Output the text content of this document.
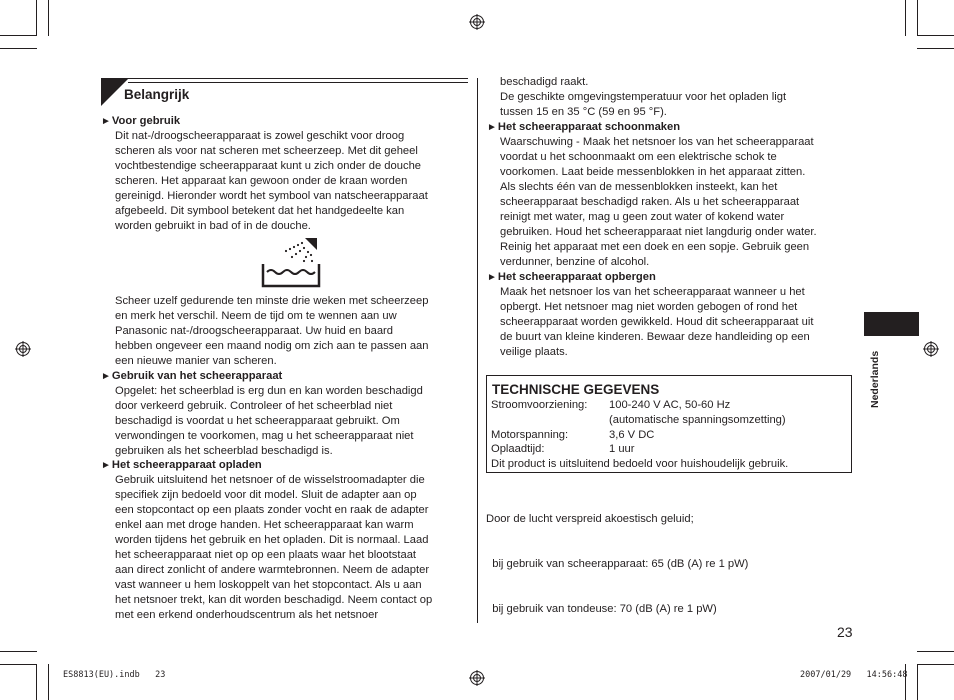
Belangrijk
►Voor gebruik
Dit nat-/droogscheerapparaat is zowel geschikt voor droog
scheren als voor nat scheren met scheerzeep. Met dit geheel
vochtbestendige scheerapparaat kunt u zich onder de douche
scheren. Het apparaat kan gewoon onder de kraan worden
gereinigd. Hieronder wordt het symbool van natscheerapparaat
afgebeeld. Dit symbool betekent dat het handgedeelte kan
worden gebruikt in bad of in de douche.
Scheer uzelf gedurende ten minste drie weken met scheerzeep
en merk het verschil. Neem de tijd om te wennen aan uw
Panasonic nat-/droogscheerapparaat. Uw huid en baard
hebben ongeveer een maand nodig om zich aan te passen aan
een nieuwe manier van scheren.
►Gebruik van het scheerapparaat
Opgelet: het scheerblad is erg dun en kan worden beschadigd
door verkeerd gebruik. Controleer of het scheerblad niet
beschadigd is voordat u het scheerapparaat gebruikt. Om
verwondingen te voorkomen, mag u het scheerapparaat niet
gebruiken als het scheerblad beschadigd is.
►Het scheerapparaat opladen
Gebruik uitsluitend het netsnoer of de wisselstroomadapter die
specifiek zijn bedoeld voor dit model. Sluit de adapter aan op
een stopcontact op een plaats zonder vocht en raak de adapter
enkel aan met droge handen. Het scheerapparaat kan warm
worden tijdens het gebruik en het opladen. Dit is normaal. Laad
het scheerapparaat niet op op een plaats waar het blootstaat
aan direct zonlicht of andere warmtebronnen. Neem de adapter
vast wanneer u hem loskoppelt van het stopcontact. Als u aan
het netsnoer trekt, kan dit worden beschadigd. Neem contact op
met een erkend onderhoudscentrum als het netsnoer
beschadigd raakt.
De geschikte omgevingstemperatuur voor het opladen ligt
tussen 15 en 35 °C (59 en 95 °F).
►Het scheerapparaat schoonmaken
Waarschuwing - Maak het netsnoer los van het scheerapparaat
voordat u het schoonmaakt om een elektrische schok te
voorkomen. Laat beide messenblokken in het apparaat zitten.
Als slechts één van de messenblokken insteekt, kan het
scheerapparaat beschadigd raken. Als u het scheerapparaat
reinigt met water, mag u geen zout water of kokend water
gebruiken. Houd het scheerapparaat niet langdurig onder water.
Reinig het apparaat met een doek en een sopje. Gebruik geen
verdunner, benzine of alcohol.
►Het scheerapparaat opbergen
Maak het netsnoer los van het scheerapparaat wanneer u het
opbergt. Het netsnoer mag niet worden gebogen of rond het
scheerapparaat worden gewikkeld. Houd dit scheerapparaat uit
de buurt van kleine kinderen. Bewaar deze handleiding op een
veilige plaats.
TECHNISCHE GEGEVENS
Stroomvoorziening: 100-240 V AC, 50-60 Hz
(automatische spanningsomzetting)
Motorspanning:	3,6 V DC
Oplaadtijd:	1 uur
Dit product is uitsluitend bedoeld voor huishoudelijk gebruik.

Door de lucht verspreid akoestisch geluid;

bij gebruik van scheerapparaat: 65 (dB (A) re 1 pW)

bij gebruik van tondeuse: 70 (dB (A) re 1 pW)

Nederlands
23
ES8813(EU).indb   23	2007/01/29   14:56:48
